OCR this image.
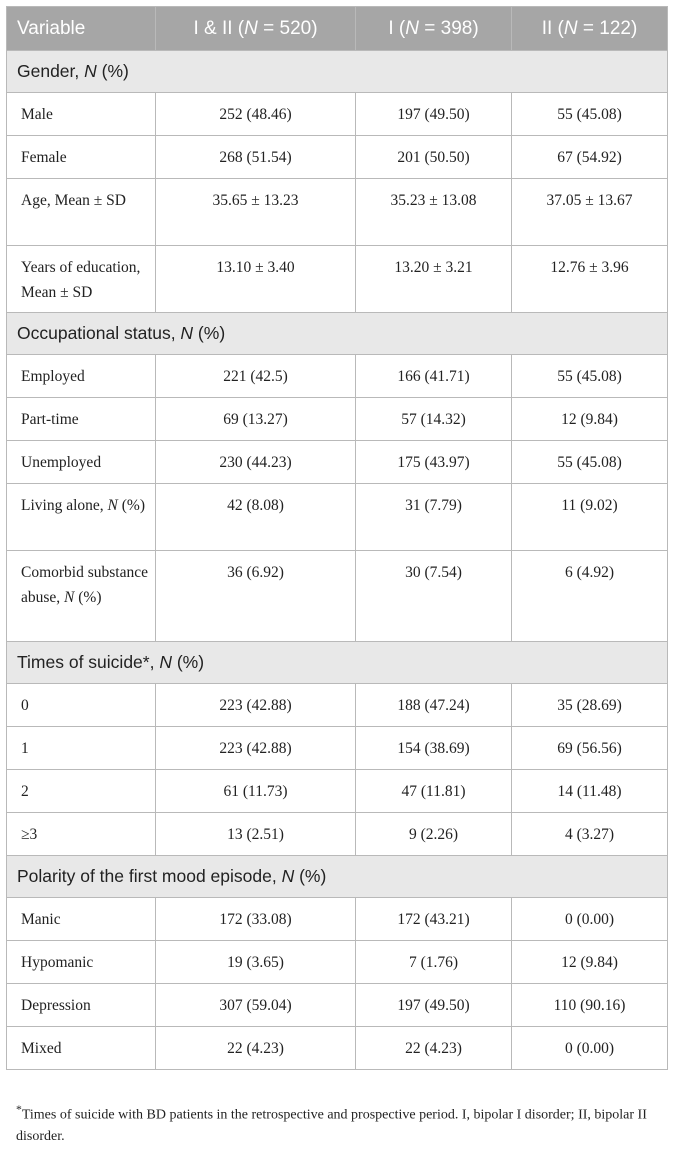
Variable	I & II (N = 520)	I (N = 398)	II (N = 122)
Gender, N (%)			
Male	252 (48.46)	197 (49.50)	55 (45.08)
Female	268 (51.54)	201 (50.50)	67 (54.92)
Age, Mean ± SD	35.65 ± 13.23	35.23 ± 13.08	37.05 ± 13.67
Years of education, Mean ± SD	13.10 ± 3.40	13.20 ± 3.21	12.76 ± 3.96
Occupational status, N (%)			
Employed	221 (42.5)	166 (41.71)	55 (45.08)
Part-time	69 (13.27)	57 (14.32)	12 (9.84)
Unemployed	230 (44.23)	175 (43.97)	55 (45.08)
Living alone, N (%)	42 (8.08)	31 (7.79)	11 (9.02)
Comorbid substance abuse, N (%)	36 (6.92)	30 (7.54)	6 (4.92)
Times of suicide*, N (%)			
0	223 (42.88)	188 (47.24)	35 (28.69)
1	223 (42.88)	154 (38.69)	69 (56.56)
2	61 (11.73)	47 (11.81)	14 (11.48)
≥3	13 (2.51)	9 (2.26)	4 (3.27)
Polarity of the first mood episode, N (%)			
Manic	172 (33.08)	172 (43.21)	0 (0.00)
Hypomanic	19 (3.65)	7 (1.76)	12 (9.84)
Depression	307 (59.04)	197 (49.50)	110 (90.16)
Mixed	22 (4.23)	22 (4.23)	0 (0.00)
*Times of suicide with BD patients in the retrospective and prospective period. I, bipolar I disorder; II, bipolar II disorder.
